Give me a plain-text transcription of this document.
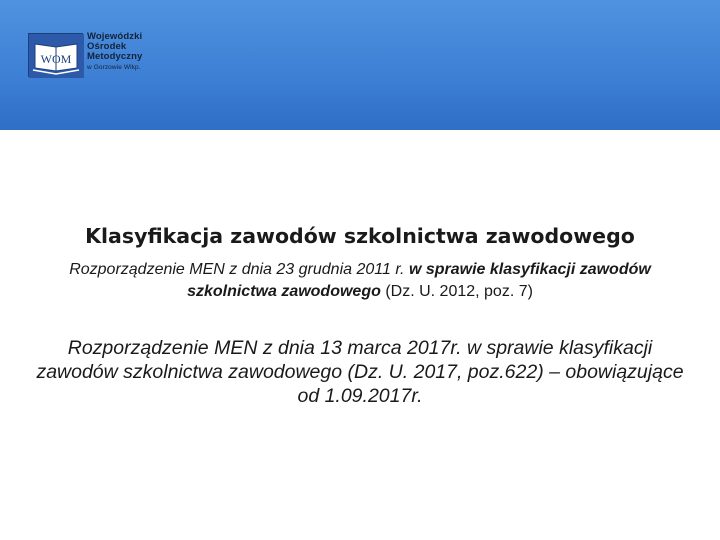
WOM
Wojewódzki
Ośrodek
Metodyczny
w Gorzowie Wlkp.
Klasyfikacja zawodów szkolnictwa zawodowego
Rozporządzenie MEN z dnia 23 grudnia 2011 r. w sprawie klasyfikacji zawodów szkolnictwa zawodowego (Dz. U. 2012, poz. 7)
Rozporządzenie MEN z dnia 13 marca 2017r. w sprawie klasyfikacji zawodów szkolnictwa zawodowego (Dz. U. 2017, poz.622) – obowiązujące od 1.09.2017r.
